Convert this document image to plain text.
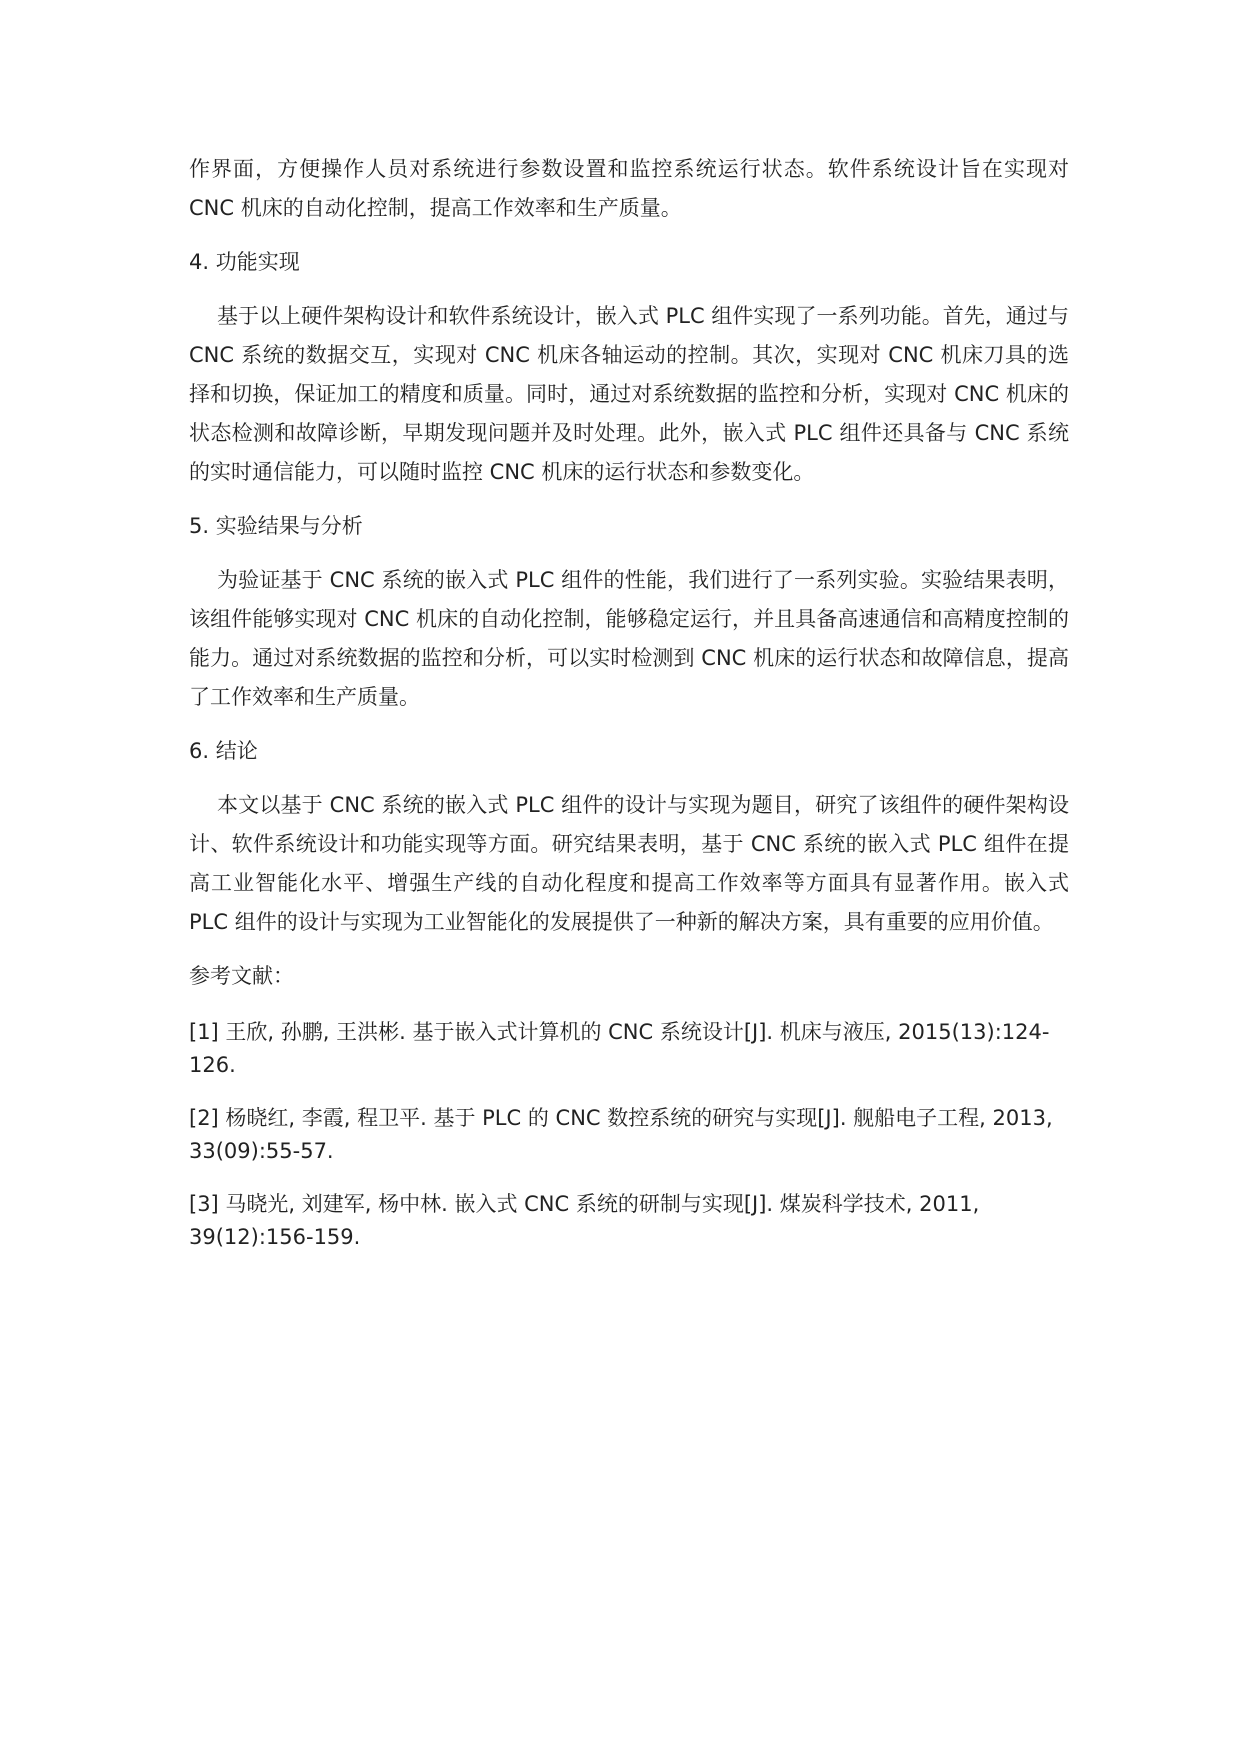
作界面，方便操作人员对系统进行参数设置和监控系统运行状态。软件系统设计旨在实现对 CNC 机床的自动化控制，提高工作效率和生产质量。

4. 功能实现

基于以上硬件架构设计和软件系统设计，嵌入式 PLC 组件实现了一系列功能。首先，通过与 CNC 系统的数据交互，实现对 CNC 机床各轴运动的控制。其次，实现对 CNC 机床刀具的选择和切换，保证加工的精度和质量。同时，通过对系统数据的监控和分析，实现对 CNC 机床的状态检测和故障诊断，早期发现问题并及时处理。此外，嵌入式 PLC 组件还具备与 CNC 系统的实时通信能力，可以随时监控 CNC 机床的运行状态和参数变化。

5. 实验结果与分析

为验证基于 CNC 系统的嵌入式 PLC 组件的性能，我们进行了一系列实验。实验结果表明，该组件能够实现对 CNC 机床的自动化控制，能够稳定运行，并且具备高速通信和高精度控制的能力。通过对系统数据的监控和分析，可以实时检测到 CNC 机床的运行状态和故障信息，提高了工作效率和生产质量。

6. 结论

本文以基于 CNC 系统的嵌入式 PLC 组件的设计与实现为题目，研究了该组件的硬件架构设计、软件系统设计和功能实现等方面。研究结果表明，基于 CNC 系统的嵌入式 PLC 组件在提高工业智能化水平、增强生产线的自动化程度和提高工作效率等方面具有显著作用。嵌入式 PLC 组件的设计与实现为工业智能化的发展提供了一种新的解决方案，具有重要的应用价值。

参考文献：

[1] 王欣, 孙鹏, 王洪彬. 基于嵌入式计算机的 CNC 系统设计[J]. 机床与液压, 2015(13):124-126.

[2] 杨晓红, 李霞, 程卫平. 基于 PLC 的 CNC 数控系统的研究与实现[J]. 舰船电子工程, 2013, 33(09):55-57.

[3] 马晓光, 刘建军, 杨中林. 嵌入式 CNC 系统的研制与实现[J]. 煤炭科学技术, 2011, 39(12):156-159.
